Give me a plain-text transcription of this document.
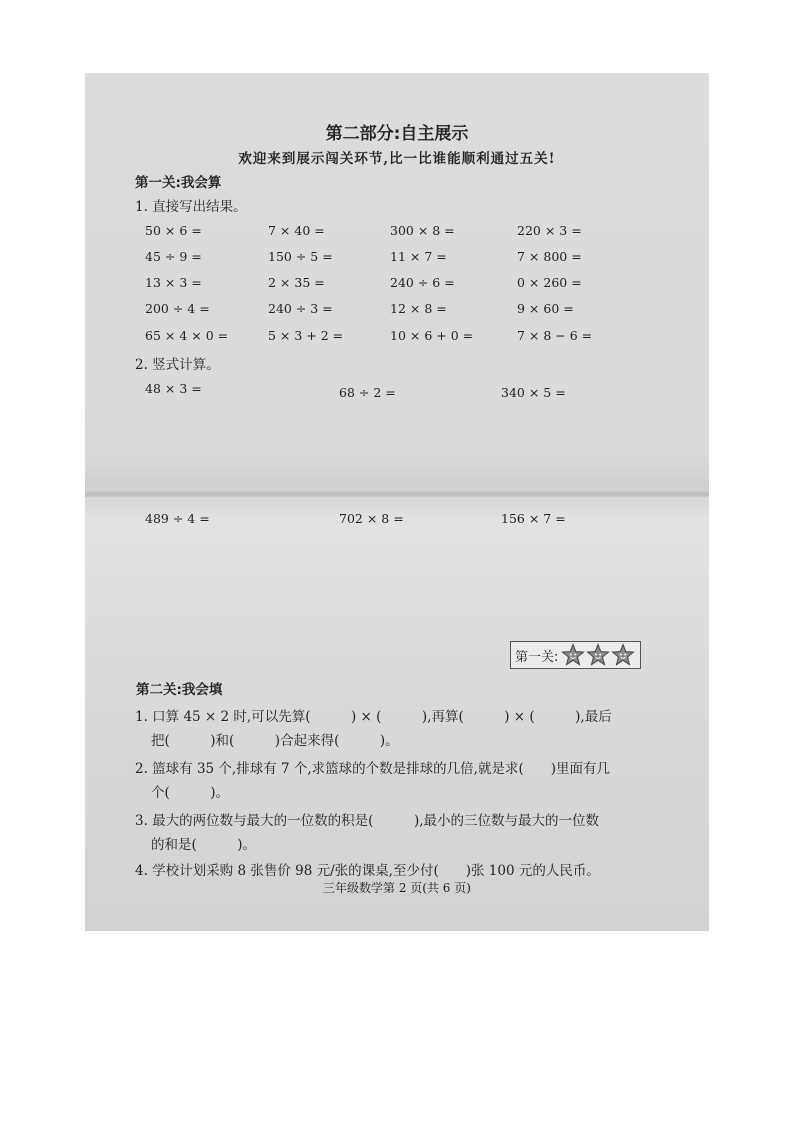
第二部分:自主展示
欢迎来到展示闯关环节,比一比谁能顺利通过五关!
第一关:我会算
1. 直接写出结果。
50 × 6 =	7 × 40 =	300 × 8 =	220 × 3 =
45 ÷ 9 =	150 ÷ 5 =	11 × 7 =	7 × 800 =
13 × 3 =	2 × 35 =	240 ÷ 6 =	0 × 260 =
200 ÷ 4 =	240 ÷ 3 =	12 × 8 =	9 × 60 =
65 × 4 × 0 =	5 × 3 + 2 =	10 × 6 + 0 =	7 × 8 − 6 =
2. 竖式计算。
48 × 3 =	68 ÷ 2 =	340 × 5 =
489 ÷ 4 =	702 × 8 =	156 × 7 =
第一关:
第二关:我会填
1. 口算 45 × 2 时,可以先算(　　　) × (　　　),再算(　　　) × (　　　),最后
把(　　　)和(　　　)合起来得(　　　)。
2. 篮球有 35 个,排球有 7 个,求篮球的个数是排球的几倍,就是求(　　)里面有几
个(　　　)。
3. 最大的两位数与最大的一位数的积是(　　　),最小的三位数与最大的一位数
的和是(　　　)。
4. 学校计划采购 8 张售价 98 元/张的课桌,至少付(　　)张 100 元的人民币。
三年级数学第 2 页(共 6 页)
